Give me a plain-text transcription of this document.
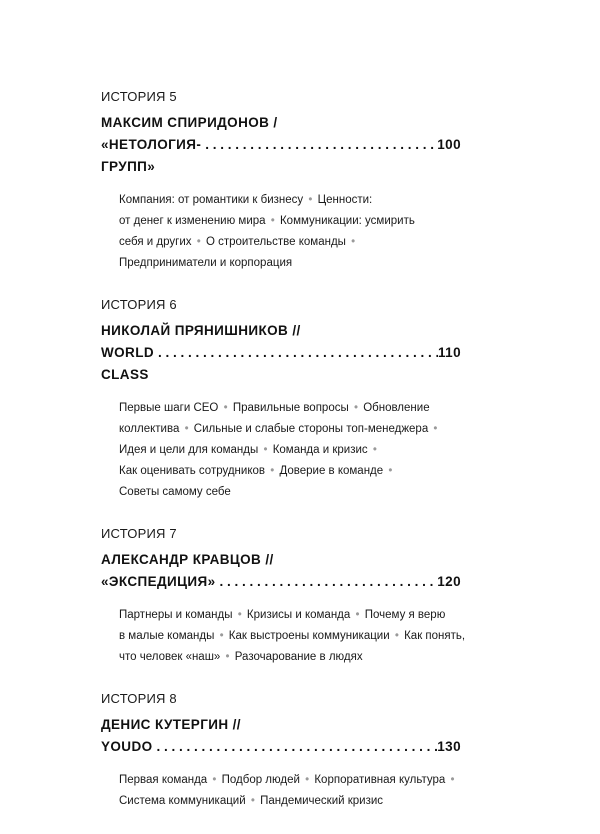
ИСТОРИЯ 5
МАКСИМ СПИРИДОНОВ /
«НЕТОЛОГИЯ-ГРУПП»
. . .
100
Компания: от романтики к бизнесу • Ценности:
от денег к изменению мира • Коммуникации: усмирить
себя и других • О строительстве команды •
Предприниматели и корпорация
ИСТОРИЯ 6
НИКОЛАЙ ПРЯНИШНИКОВ //
WORLD CLASS
. . .
110
Первые шаги CEO • Правильные вопросы • Обновление
коллектива • Сильные и слабые стороны топ-менеджера •
Идея и цели для команды • Команда и кризис •
Как оценивать сотрудников • Доверие в команде •
Советы самому себе
ИСТОРИЯ 7
АЛЕКСАНДР КРАВЦОВ //
«ЭКСПЕДИЦИЯ» . . .	120
Партнеры и команды • Кризисы и команда • Почему я верю
в малые команды • Как выстроены коммуникации • Как понять,
что человек «наш» • Разочарование в людях
ИСТОРИЯ 8
ДЕНИС КУТЕРГИН //
YOUDO . . .	130
Первая команда • Подбор людей • Корпоративная культура •
Система коммуникаций • Пандемический кризис
